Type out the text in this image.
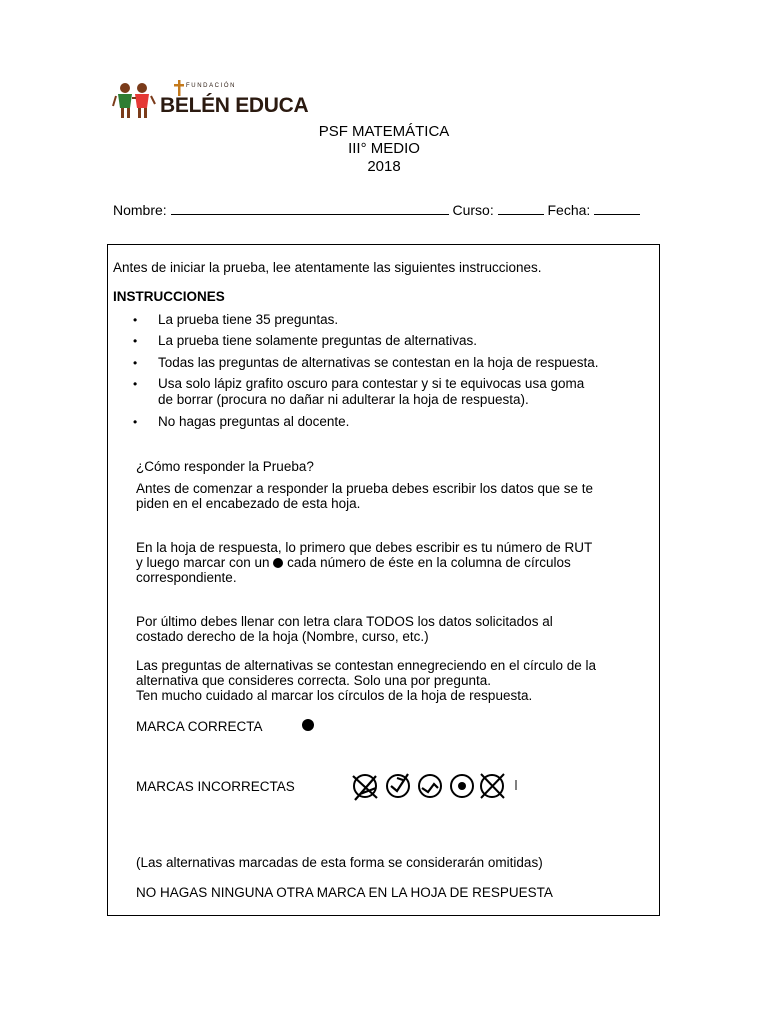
FUNDACIÓN
BELÉN EDUCA
PSF MATEMÁTICA
III° MEDIO
2018
Nombre:	Curso:	Fecha:
Antes de iniciar la prueba, lee atentamente las siguientes instrucciones.
INSTRUCCIONES
• La prueba tiene 35 preguntas.
• La prueba tiene solamente preguntas de alternativas.
• Todas las preguntas de alternativas se contestan en la hoja de respuesta.
• Usa solo lápiz grafito oscuro para contestar y si te equivocas usa goma
de borrar (procura no dañar ni adulterar la hoja de respuesta).
• No hagas preguntas al docente.
¿Cómo responder la Prueba?
Antes de comenzar a responder la prueba debes escribir los datos que se te
piden en el encabezado de esta hoja.
En la hoja de respuesta, lo primero que debes escribir es tu número de RUT
y luego marcar con un cada número de éste en la columna de círculos
correspondiente.
Por último debes llenar con letra clara TODOS los datos solicitados al
costado derecho de la hoja (Nombre, curso, etc.)
Las preguntas de alternativas se contestan ennegreciendo en el círculo de la
alternativa que consideres correcta. Solo una por pregunta.
Ten mucho cuidado al marcar los círculos de la hoja de respuesta.
MARCA CORRECTA
MARCAS INCORRECTAS
(Las alternativas marcadas de esta forma se considerarán omitidas)
NO HAGAS NINGUNA OTRA MARCA EN LA HOJA DE RESPUESTA
